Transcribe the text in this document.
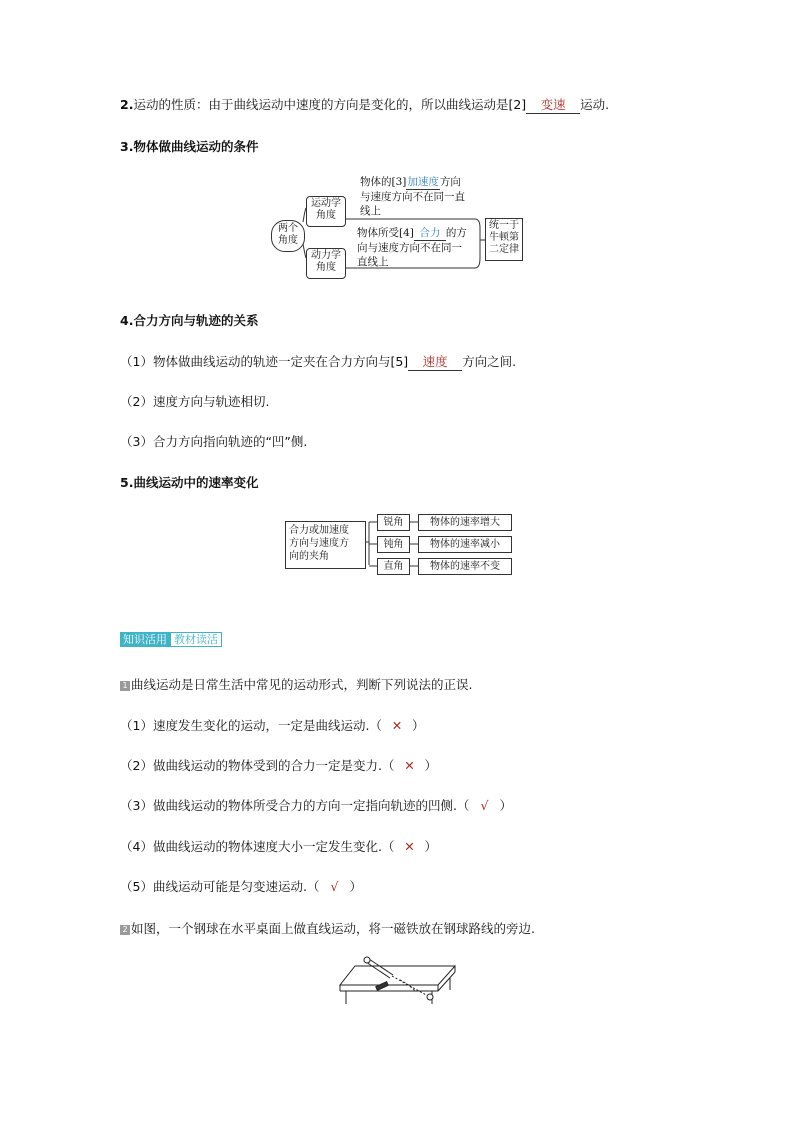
2.运动的性质：由于曲线运动中速度的方向是变化的，所以曲线运动是[2] 变速 运动.
3.物体做曲线运动的条件
两个
角度
运动学
角度
动力学
角度
物体的[3]加速度方向
与速度方向不在同一直
线上
物体所受[4] 合力 的方
向与速度方向不在同一
直线上
统一于
牛顿第
二定律
4.合力方向与轨迹的关系
（1）物体做曲线运动的轨迹一定夹在合力方向与[5] 速度 方向之间.
（2）速度方向与轨迹相切.
（3）合力方向指向轨迹的“凹”侧.
5.曲线运动中的速率变化
合力或加速度
方向与速度方
向的夹角
锐角	物体的速率增大
钝角	物体的速率减小
直角	物体的速率不变
知识活用 教材读活
1 曲线运动是日常生活中常见的运动形式，判断下列说法的正误.
（1）速度发生变化的运动，一定是曲线运动.（ ✕ ）
（2）做曲线运动的物体受到的合力一定是变力.（ ✕ ）
（3）做曲线运动的物体所受合力的方向一定指向轨迹的凹侧.（ √ ）
（4）做曲线运动的物体速度大小一定发生变化.（ ✕ ）
（5）曲线运动可能是匀变速运动.（ √ ）
2 如图，一个钢球在水平桌面上做直线运动，将一磁铁放在钢球路线的旁边.
